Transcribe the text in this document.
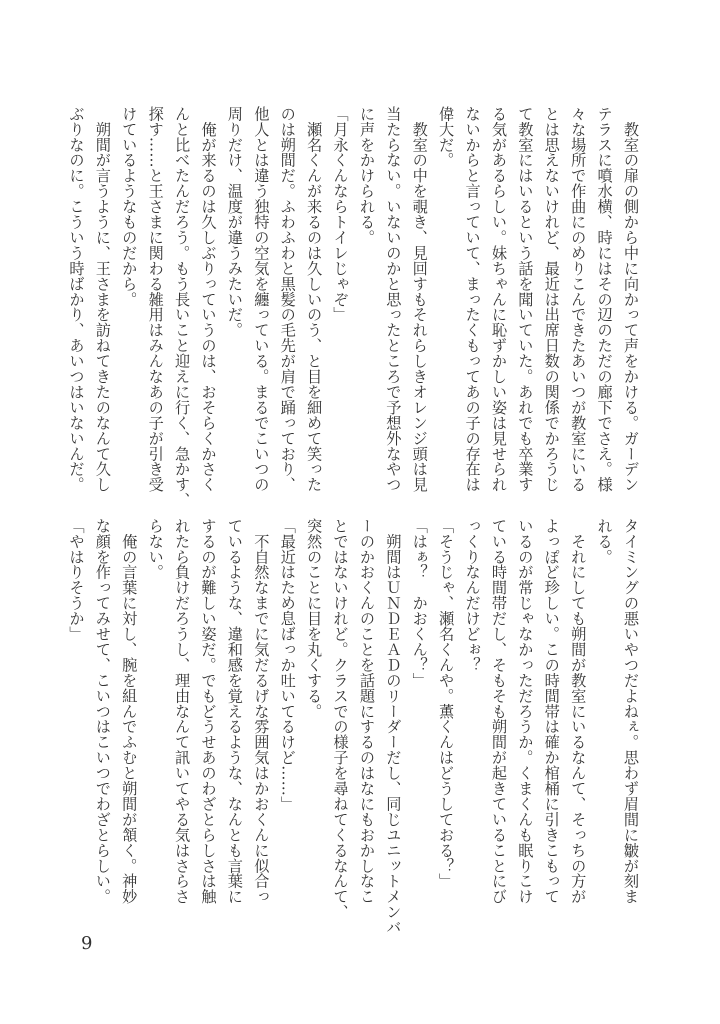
　教室の扉の側から中に向かって声をかける。ガーデン

テラスに噴水横、時にはその辺のただの廊下でさえ。様

々な場所で作曲にのめりこんできたあいつが教室にいる

とは思えないけれど、最近は出席日数の関係でかろうじ

て教室にはいるという話を聞いていた。あれでも卒業す

る気があるらしい。妹ちゃんに恥ずかしい姿は見せられ

ないからと言っていて、まったくもってあの子の存在は

偉大だ。

　教室の中を覗き、見回すもそれらしきオレンジ頭は見

当たらない。いないのかと思ったところで予想外なやつ

に声をかけられる。

「月永くんならトイレじゃぞ」

　瀬名くんが来るのは久しいのう、と目を細めて笑った

のは朔間だ。ふわふわと黒髪の毛先が肩で踊っており、

他人とは違う独特の空気を纏っている。まるでこいつの

周りだけ、温度が違うみたいだ。

　俺が来るのは久しぶりっていうのは、おそらくかさく

んと比べたんだろう。もう長いこと迎えに行く、急かす、

探す……と王さまに関わる雑用はみんなあの子が引き受

けているようなものだから。

　朔間が言うように、王さまを訪ねてきたのなんて久し

ぶりなのに。こういう時ばかり、あいつはいないんだ。

タイミングの悪いやつだよねぇ。思わず眉間に皺が刻ま

れる。

　それにしても朔間が教室にいるなんて、そっちの方が

よっぽど珍しい。この時間帯は確か棺桶に引きこもって

いるのが常じゃなかっただろうか。くまくんも眠りこけ

ている時間帯だし、そもそも朔間が起きていることにび

っくりなんだけどぉ？

「そうじゃ、瀬名くんや。薫くんはどうしておる？」

「はぁ？　かおくん？」

　朔間はＵＮＤＥＡＤのリーダーだし、同じユニットメンバ

ーのかおくんのことを話題にするのはなにもおかしなこ

とではないけれど。クラスでの様子を尋ねてくるなんて、

突然のことに目を丸くする。

「最近はため息ばっか吐いてるけど……」

　不自然なまでに気だるげな雰囲気はかおくんに似合っ

ているような、違和感を覚えるような、なんとも言葉に

するのが難しい姿だ。でもどうせあのわざとらしさは触

れたら負けだろうし、理由なんて訊いてやる気はさらさ

らない。

　俺の言葉に対し、腕を組んでふむと朔間が頷く。神妙

な顔を作ってみせて、こいつはこいつでわざとらしい。

「やはりそうか」

9
